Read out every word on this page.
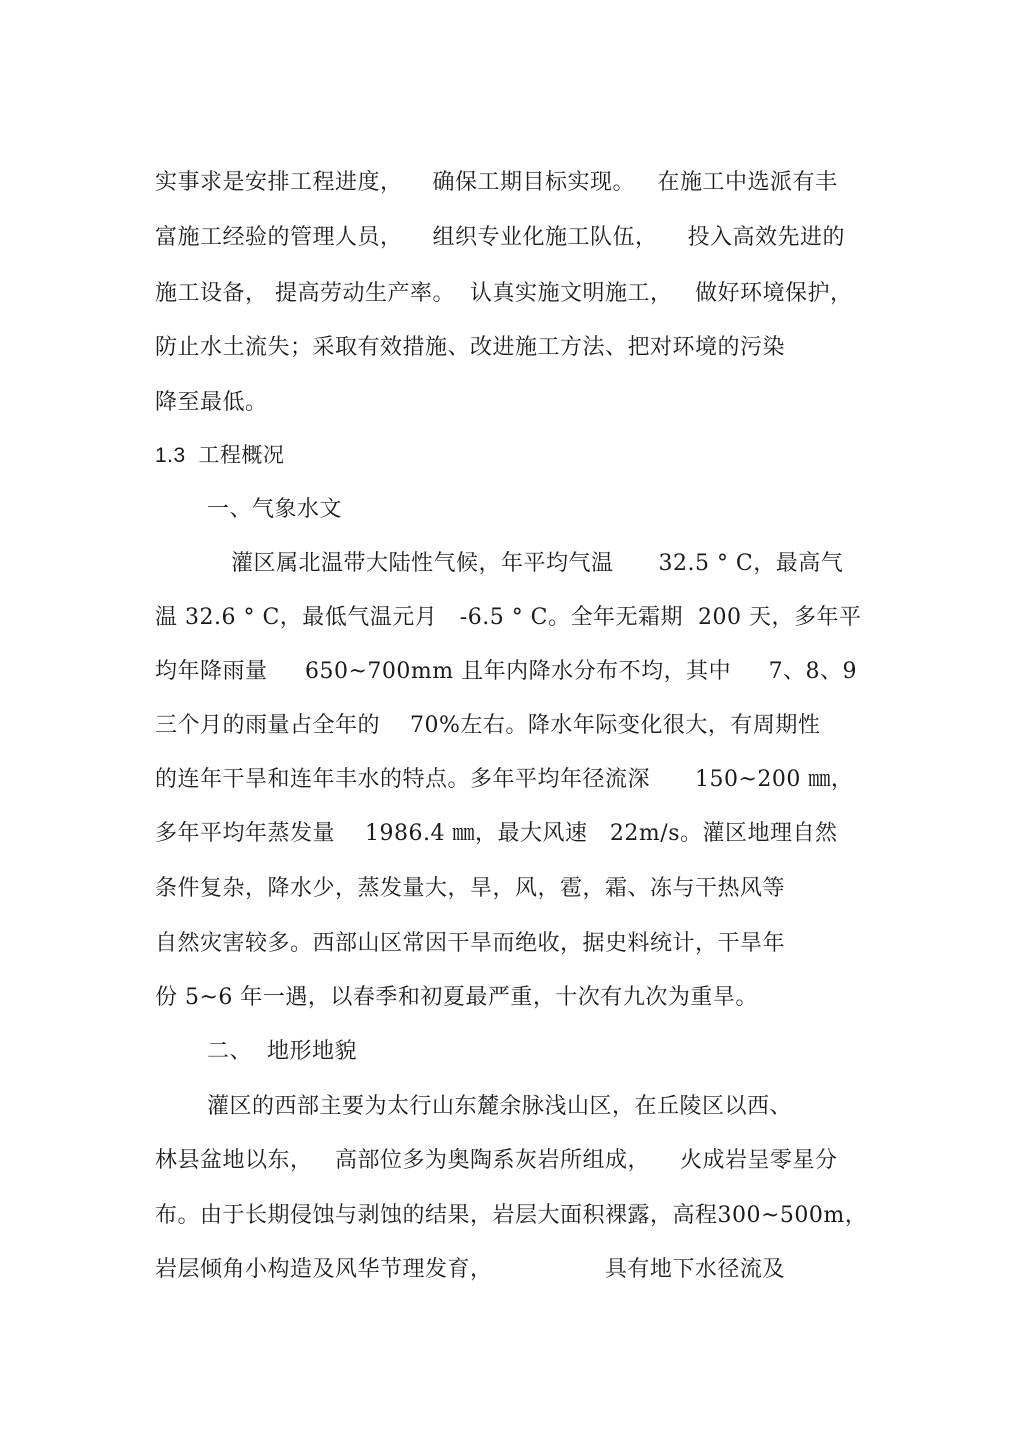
实事求是安排工程进度，    确保工期目标实现。   在施工中选派有丰
富施工经验的管理人员，    组织专业化施工队伍，    投入高效先进的
施工设备， 提高劳动生产率。  认真实施文明施工，   做好环境保护，
防止水土流失；采取有效措施、改进施工方法、把对环境的污染
降至最低。
1.3  工程概况
一、气象水文
灌区属北温带大陆性气候，年平均气温      32.5 ° C，最高气
温 32.6 ° C，最低气温元月   -6.5 ° C。全年无霜期  200 天，多年平
均年降雨量     650~700mm 且年内降水分布不均，其中     7、8、9
三个月的雨量占全年的    70%左右。降水年际变化很大，有周期性
的连年干旱和连年丰水的特点。多年平均年径流深      150~200 ㎜，
多年平均年蒸发量    1986.4 ㎜，最大风速   22m/s。灌区地理自然
条件复杂，降水少，蒸发量大，旱，风，雹，霜、冻与干热风等
自然灾害较多。西部山区常因干旱而绝收，据史料统计，干旱年
份 5~6 年一遇，以春季和初夏最严重，十次有九次为重旱。
二、  地形地貌
灌区的西部主要为太行山东麓余脉浅山区，在丘陵区以西、
林县盆地以东，   高部位多为奥陶系灰岩所组成，    火成岩呈零星分
布。由于长期侵蚀与剥蚀的结果，岩层大面积裸露，高程300~500m，
岩层倾角小构造及风华节理发育，               具有地下水径流及
